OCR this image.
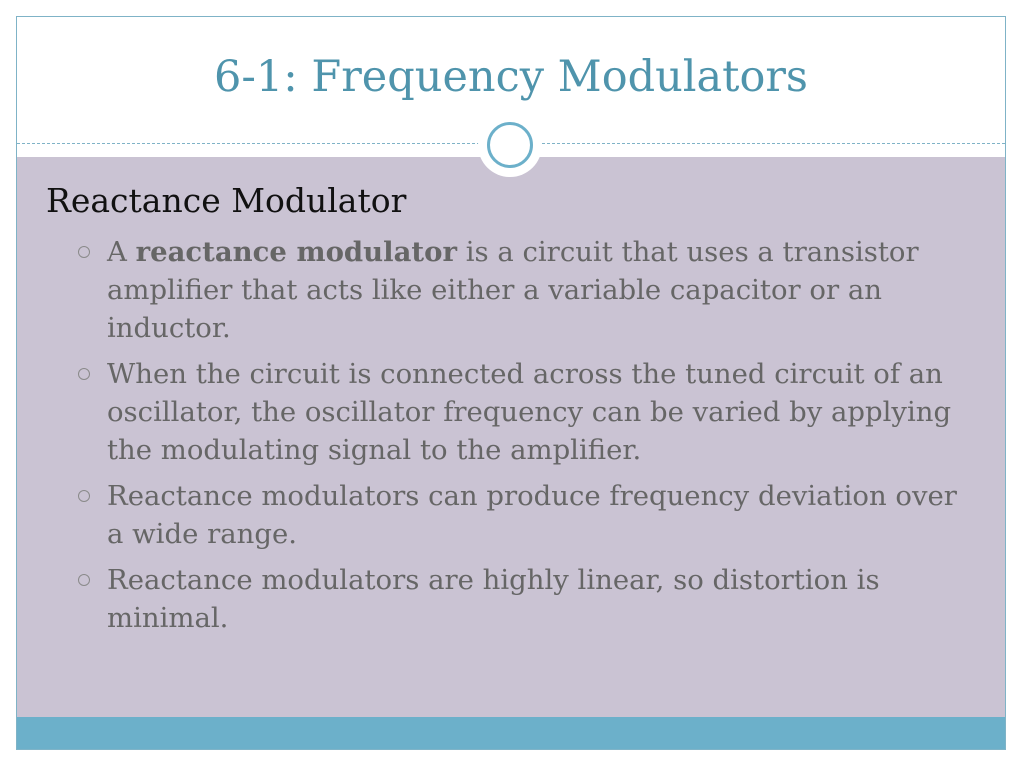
6-1: Frequency Modulators
Reactance Modulator
A reactance modulator is a circuit that uses a transistor amplifier that acts like either a variable capacitor or an inductor.
When the circuit is connected across the tuned circuit of an oscillator, the oscillator frequency can be varied by applying the modulating signal to the amplifier.
Reactance modulators can produce frequency deviation over a wide range.
Reactance modulators are highly linear, so distortion is minimal.
